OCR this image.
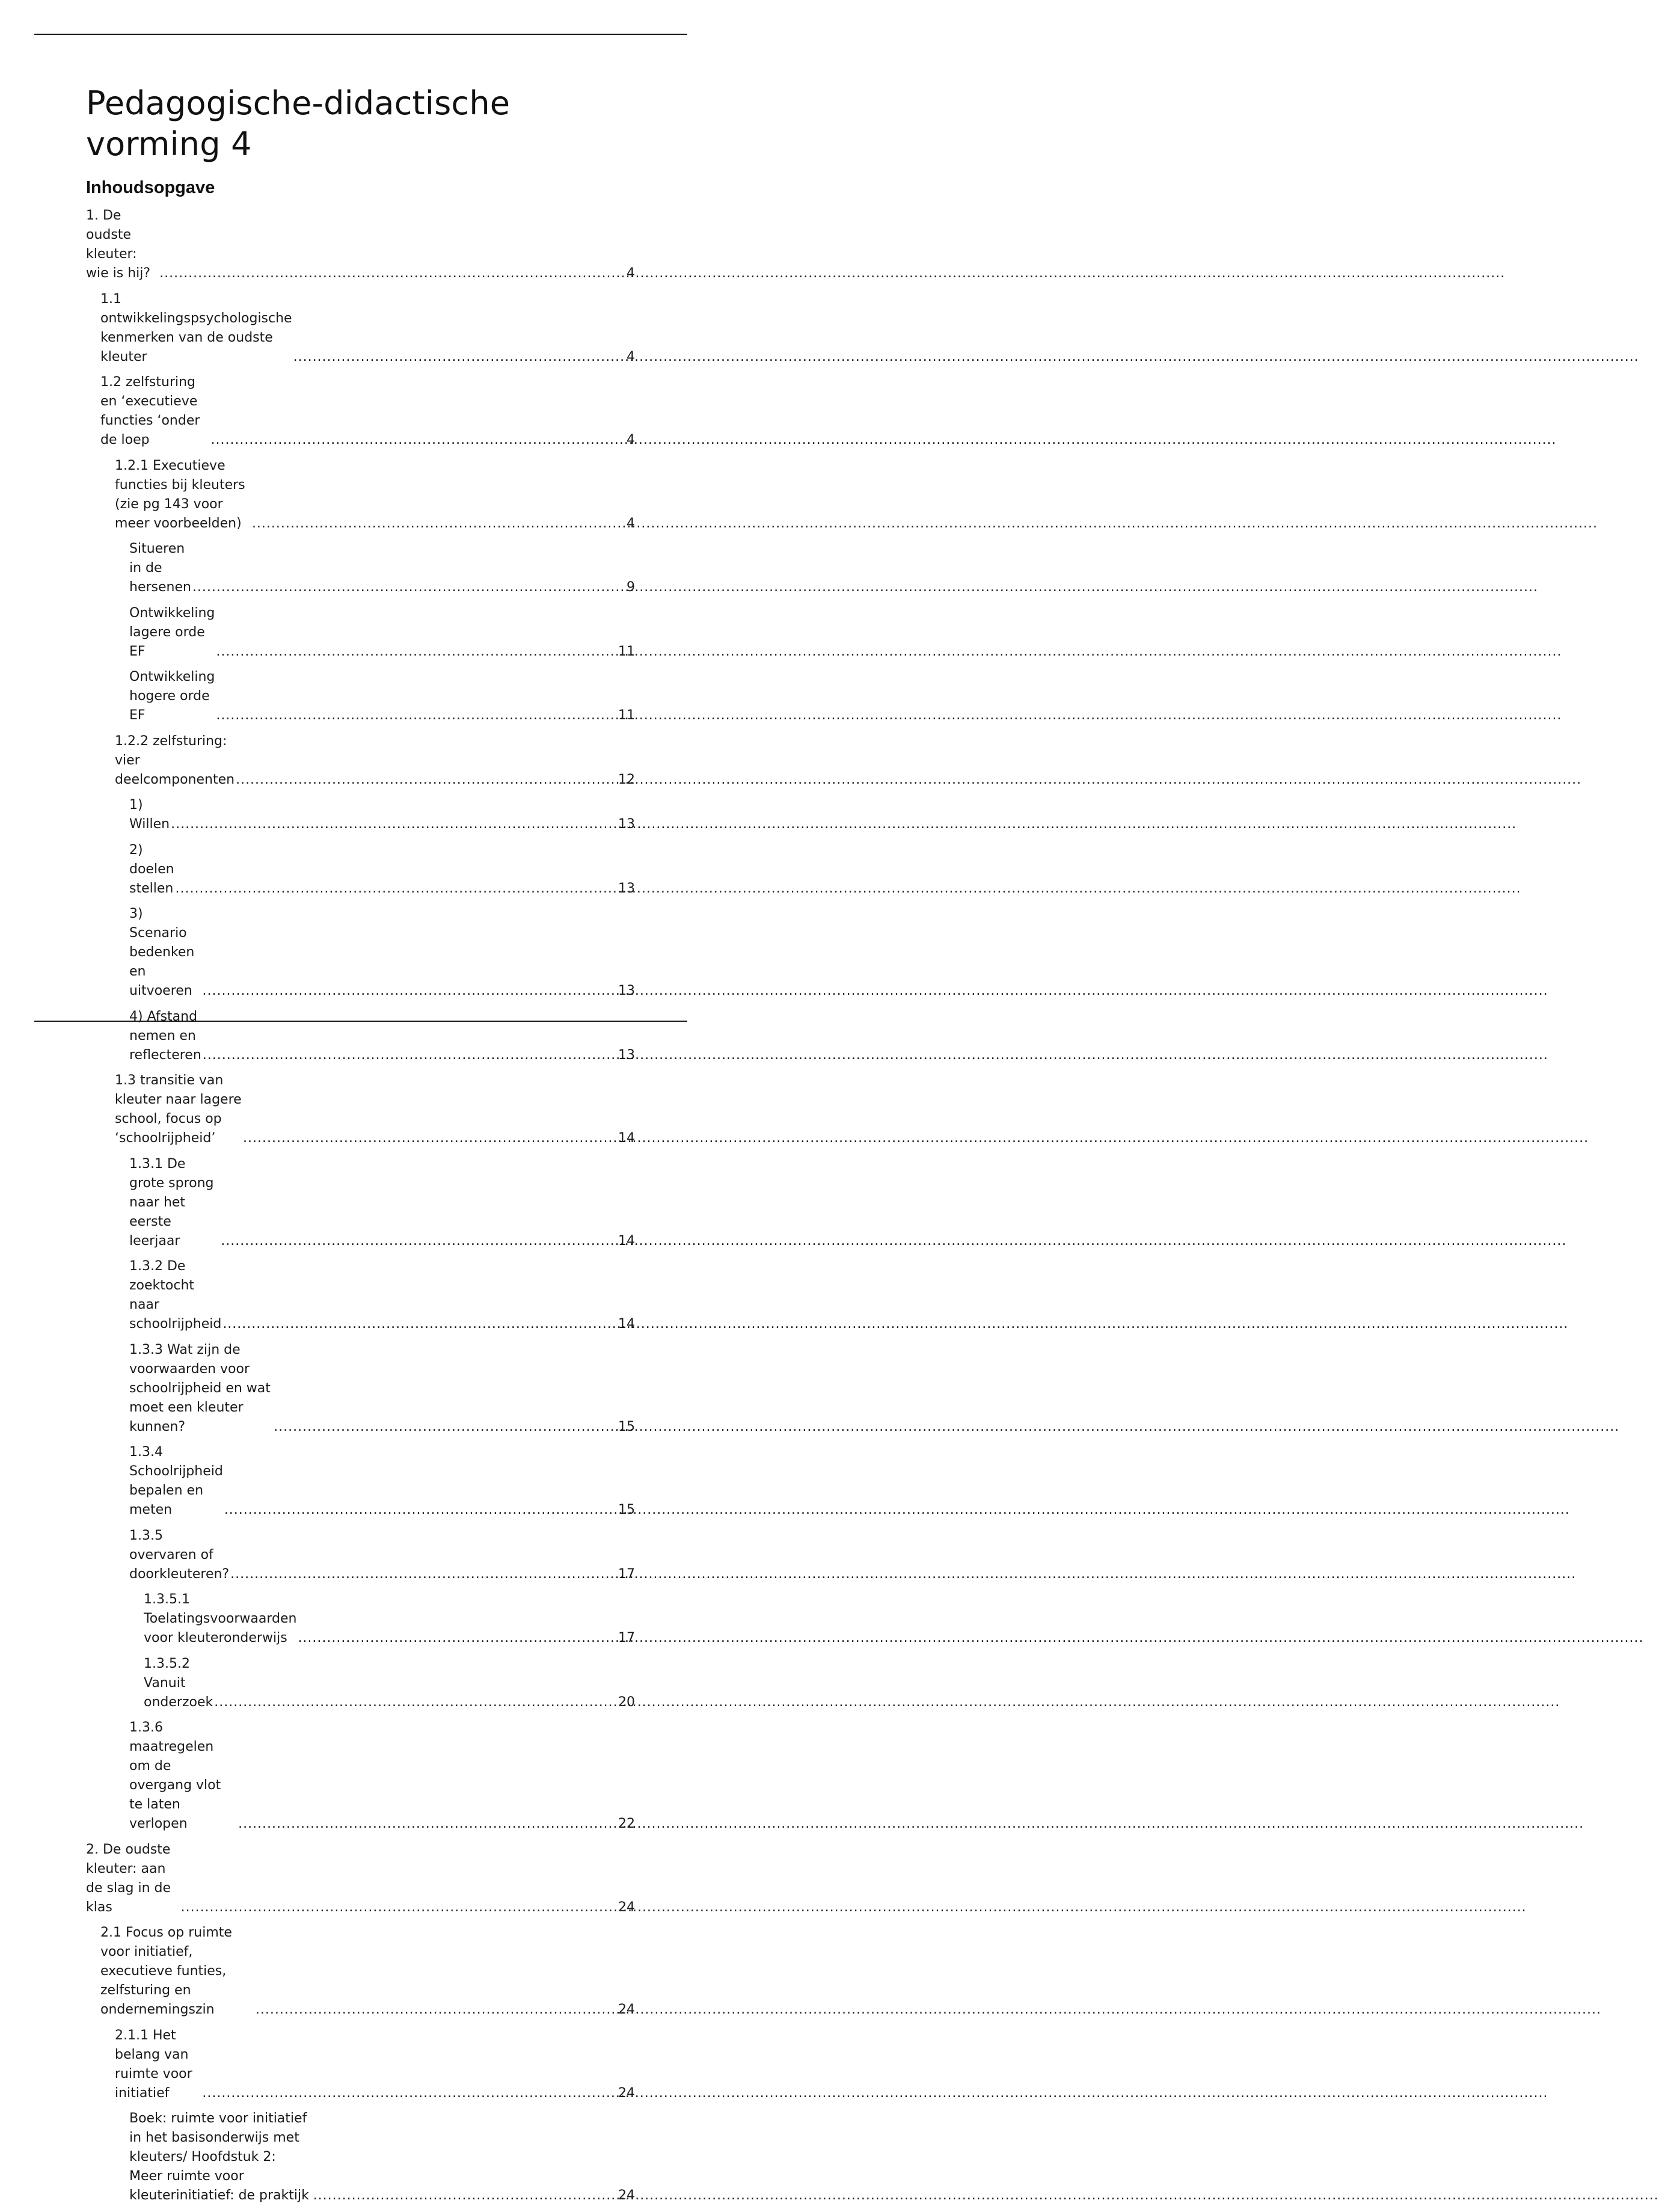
Pedagogische-didactische
vorming 4
Inhoudsopgave
1. De oudste kleuter: wie is hij? .....	4
1.1 ontwikkelingspsychologische kenmerken van de oudste kleuter .....	4
1.2 zelfsturing en ‘executieve functies ‘onder de loep .....	4
1.2.1 Executieve functies bij kleuters (zie pg 143 voor meer voorbeelden) .....	4
Situeren in de hersenen .....	9
Ontwikkeling lagere orde EF .....	11
Ontwikkeling hogere orde EF .....	11
1.2.2 zelfsturing: vier deelcomponenten .....	12
1) Willen .....	13
2) doelen stellen .....	13
3) Scenario bedenken en uitvoeren .....	13
4) Afstand nemen en reflecteren .....	13
1.3 transitie van kleuter naar lagere school, focus op ‘schoolrijpheid’ .....	14
1.3.1 De grote sprong naar het eerste leerjaar .....	14
1.3.2 De zoektocht naar schoolrijpheid .....	14
1.3.3 Wat zijn de voorwaarden voor schoolrijpheid en wat moet een kleuter kunnen? .....	15
1.3.4 Schoolrijpheid bepalen en meten .....	15
1.3.5 overvaren of doorkleuteren? .....	17
1.3.5.1 Toelatingsvoorwaarden voor kleuteronderwijs .....	17
1.3.5.2 Vanuit onderzoek .....	20
1.3.6 maatregelen om de overgang vlot te laten verlopen .....	22
2. De oudste kleuter: aan de slag in de klas .....	24
2.1 Focus op ruimte voor initiatief, executieve funties, zelfsturing en ondernemingszin .....	24
2.1.1 Het belang van ruimte voor initiatief .....	24
Boek: ruimte voor initiatief in het basisonderwijs met kleuters/ Hoofdstuk 2: Meer ruimte voor kleuterinitiatief: de praktijk .....	24
